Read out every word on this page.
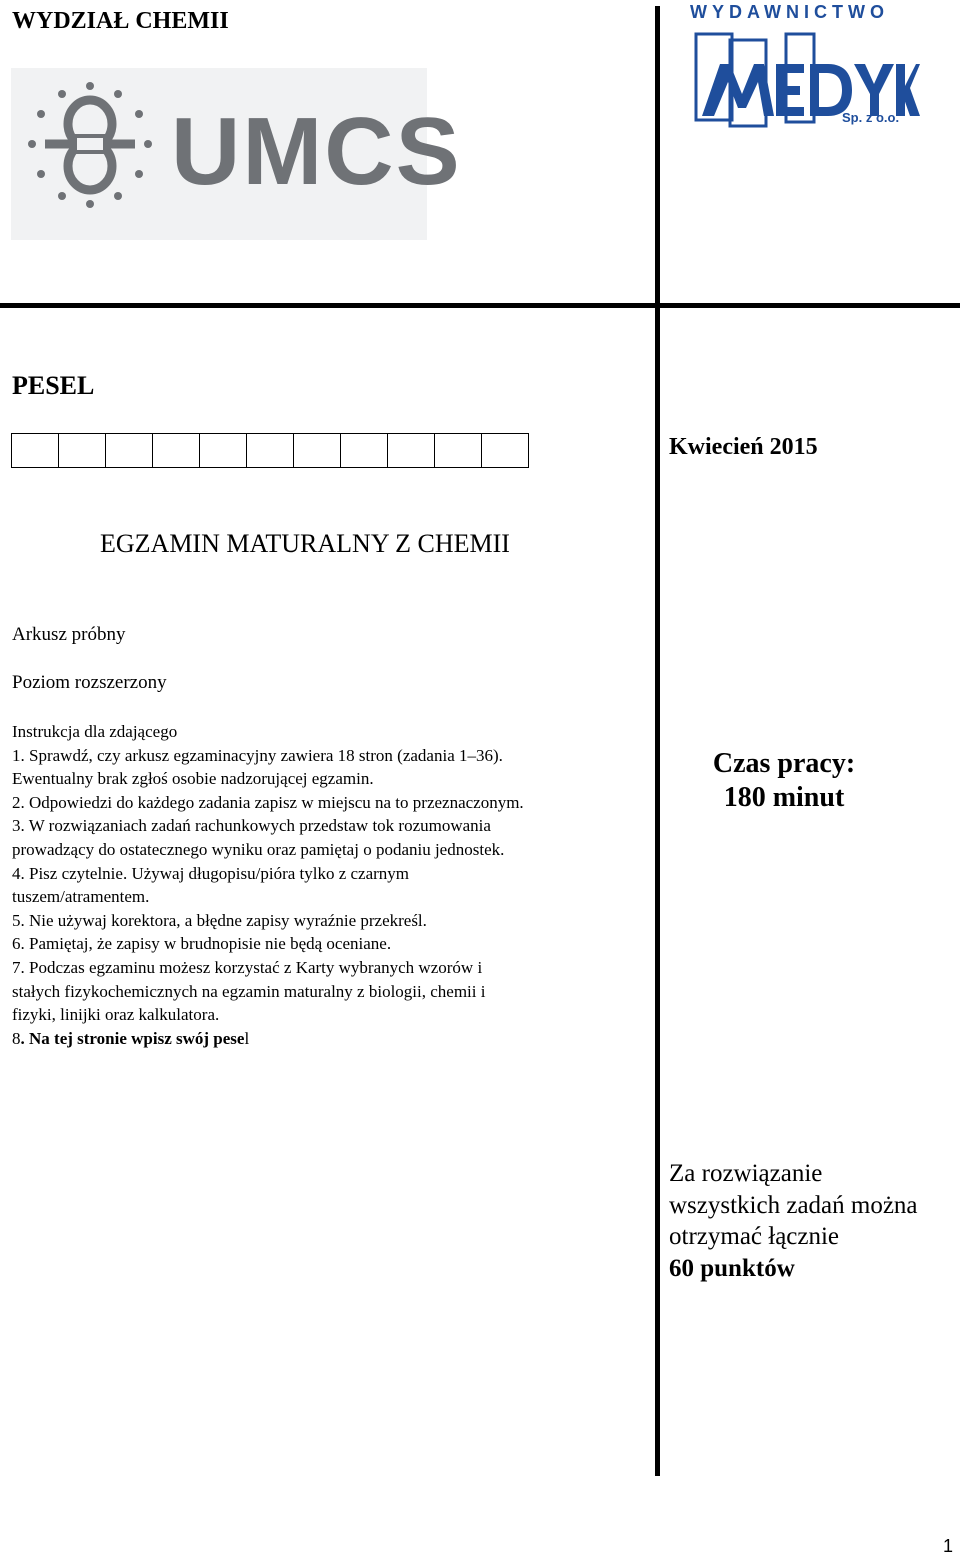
WYDZIAŁ CHEMII
UMCS
WYDAWNICTWO
Sp. z o.o.
PESEL
Kwiecień 2015
EGZAMIN MATURALNY Z CHEMII
Arkusz próbny
Poziom rozszerzony
Instrukcja dla zdającego
1. Sprawdź, czy arkusz egzaminacyjny zawiera 18 stron (zadania 1–36).
Ewentualny brak zgłoś osobie nadzorującej egzamin.
2. Odpowiedzi do każdego zadania zapisz w miejscu na to przeznaczonym.
3. W rozwiązaniach zadań rachunkowych przedstaw tok rozumowania
prowadzący do ostatecznego wyniku oraz pamiętaj o podaniu jednostek.
4. Pisz czytelnie. Używaj długopisu/pióra tylko z czarnym
tuszem/atramentem.
5. Nie używaj korektora, a błędne zapisy wyraźnie przekreśl.
6. Pamiętaj, że zapisy w brudnopisie nie będą oceniane.
7. Podczas egzaminu możesz korzystać z Karty wybranych wzorów i
stałych fizykochemicznych na egzamin maturalny z biologii, chemii i
fizyki, linijki oraz kalkulatora.
8. Na tej stronie wpisz swój pesel
Czas pracy:
180 minut
Za rozwiązanie
wszystkich zadań można
otrzymać łącznie
60 punktów
1
